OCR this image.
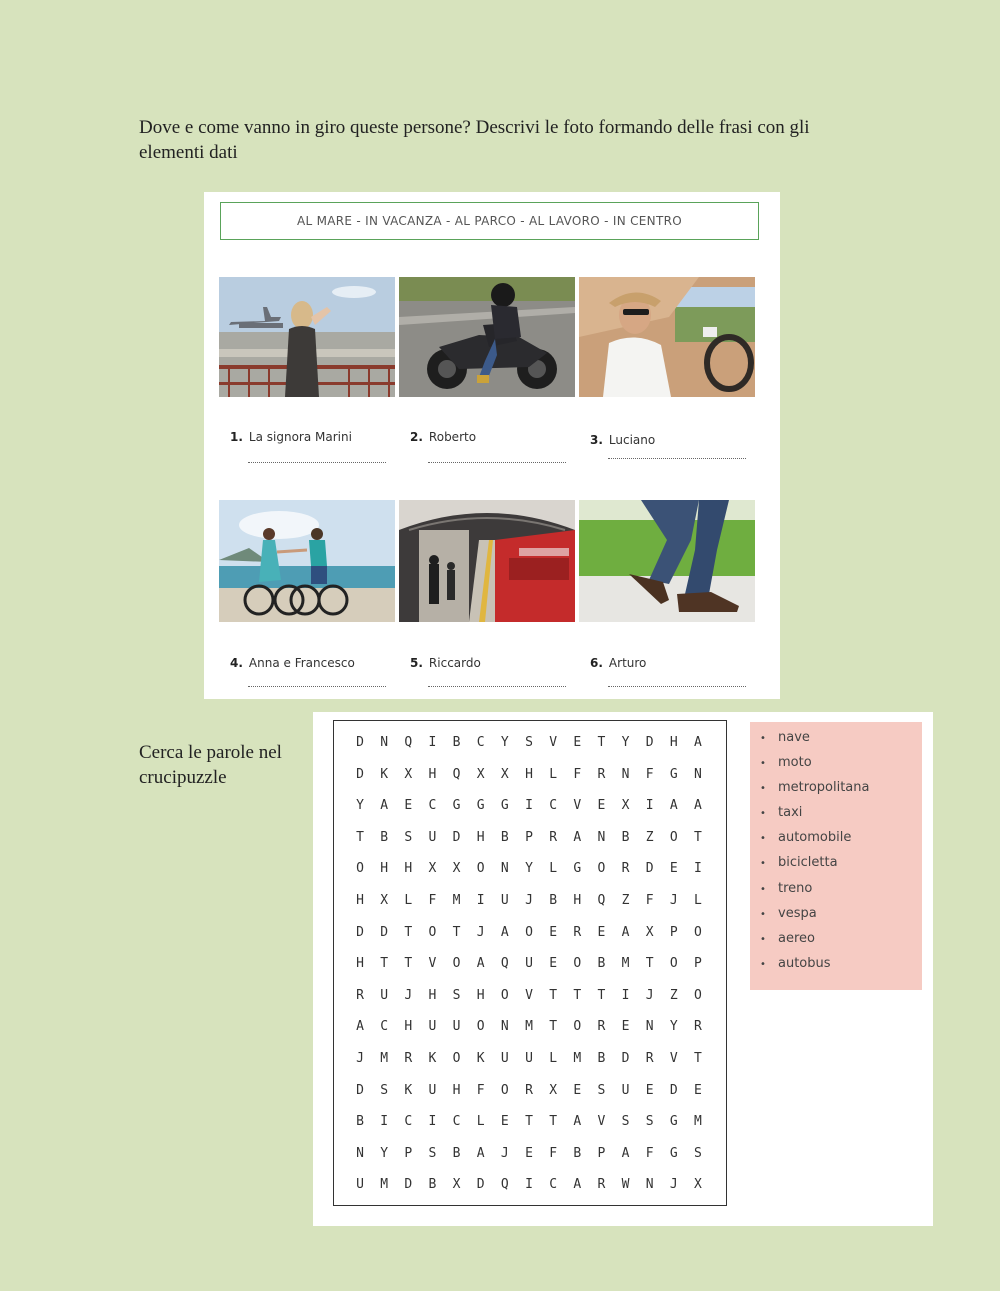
Dove e come vanno in giro queste persone? Descrivi le foto formando delle frasi con gli elementi dati
AL MARE - IN VACANZA - AL PARCO - AL LAVORO - IN CENTRO
1. La signora Marini	2. Roberto	3. Luciano
4. Anna e Francesco	5. Riccardo	6. Arturo
Cerca le parole nel crucipuzzle
D	N	Q	I	B	C	Y	S	V	E	T	Y	D	H	A
D	K	X	H	Q	X	X	H	L	F	R	N	F	G	N
Y	A	E	C	G	G	G	I	C	V	E	X	I	A	A
T	B	S	U	D	H	B	P	R	A	N	B	Z	O	T
O	H	H	X	X	O	N	Y	L	G	O	R	D	E	I
H	X	L	F	M	I	U	J	B	H	Q	Z	F	J	L
D	D	T	O	T	J	A	O	E	R	E	A	X	P	O
H	T	T	V	O	A	Q	U	E	O	B	M	T	O	P
R	U	J	H	S	H	O	V	T	T	T	I	J	Z	O
A	C	H	U	U	O	N	M	T	O	R	E	N	Y	R
J	M	R	K	O	K	U	U	L	M	B	D	R	V	T
D	S	K	U	H	F	O	R	X	E	S	U	E	D	E
B	I	C	I	C	L	E	T	T	A	V	S	S	G	M
N	Y	P	S	B	A	J	E	F	B	P	A	F	G	S
U	M	D	B	X	D	Q	I	C	A	R	W	N	J	X
• nave
• moto
• metropolitana
• taxi
• automobile
• bicicletta
• treno
• vespa
• aereo
• autobus
